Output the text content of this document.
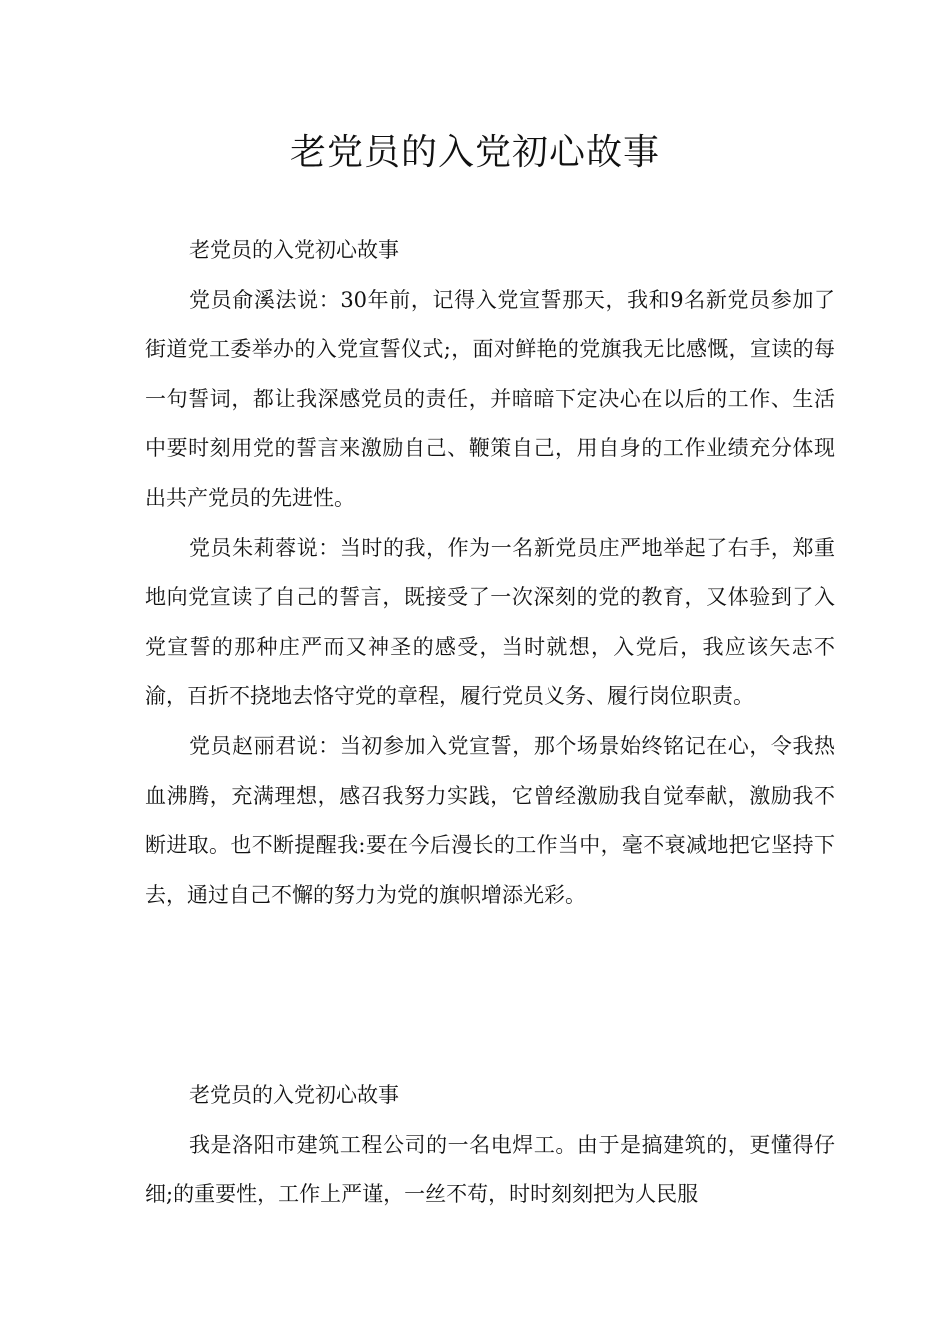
老党员的入党初心故事

老党员的入党初心故事

党员俞溪法说：30年前，记得入党宣誓那天，我和9名新党员参加了街道党工委举办的入党宣誓仪式;，面对鲜艳的党旗我无比感慨，宣读的每一句誓词，都让我深感党员的责任，并暗暗下定决心在以后的工作、生活中要时刻用党的誓言来激励自己、鞭策自己，用自身的工作业绩充分体现出共产党员的先进性。

党员朱莉蓉说：当时的我，作为一名新党员庄严地举起了右手，郑重地向党宣读了自己的誓言，既接受了一次深刻的党的教育，又体验到了入党宣誓的那种庄严而又神圣的感受，当时就想，入党后，我应该矢志不渝，百折不挠地去恪守党的章程，履行党员义务、履行岗位职责。

党员赵丽君说：当初参加入党宣誓，那个场景始终铭记在心，令我热血沸腾，充满理想，感召我努力实践，它曾经激励我自觉奉献，激励我不断进取。也不断提醒我:要在今后漫长的工作当中，毫不衰减地把它坚持下去，通过自己不懈的努力为党的旗帜增添光彩。

老党员的入党初心故事

我是洛阳市建筑工程公司的一名电焊工。由于是搞建筑的，更懂得仔细;的重要性，工作上严谨，一丝不苟，时时刻刻把为人民服
